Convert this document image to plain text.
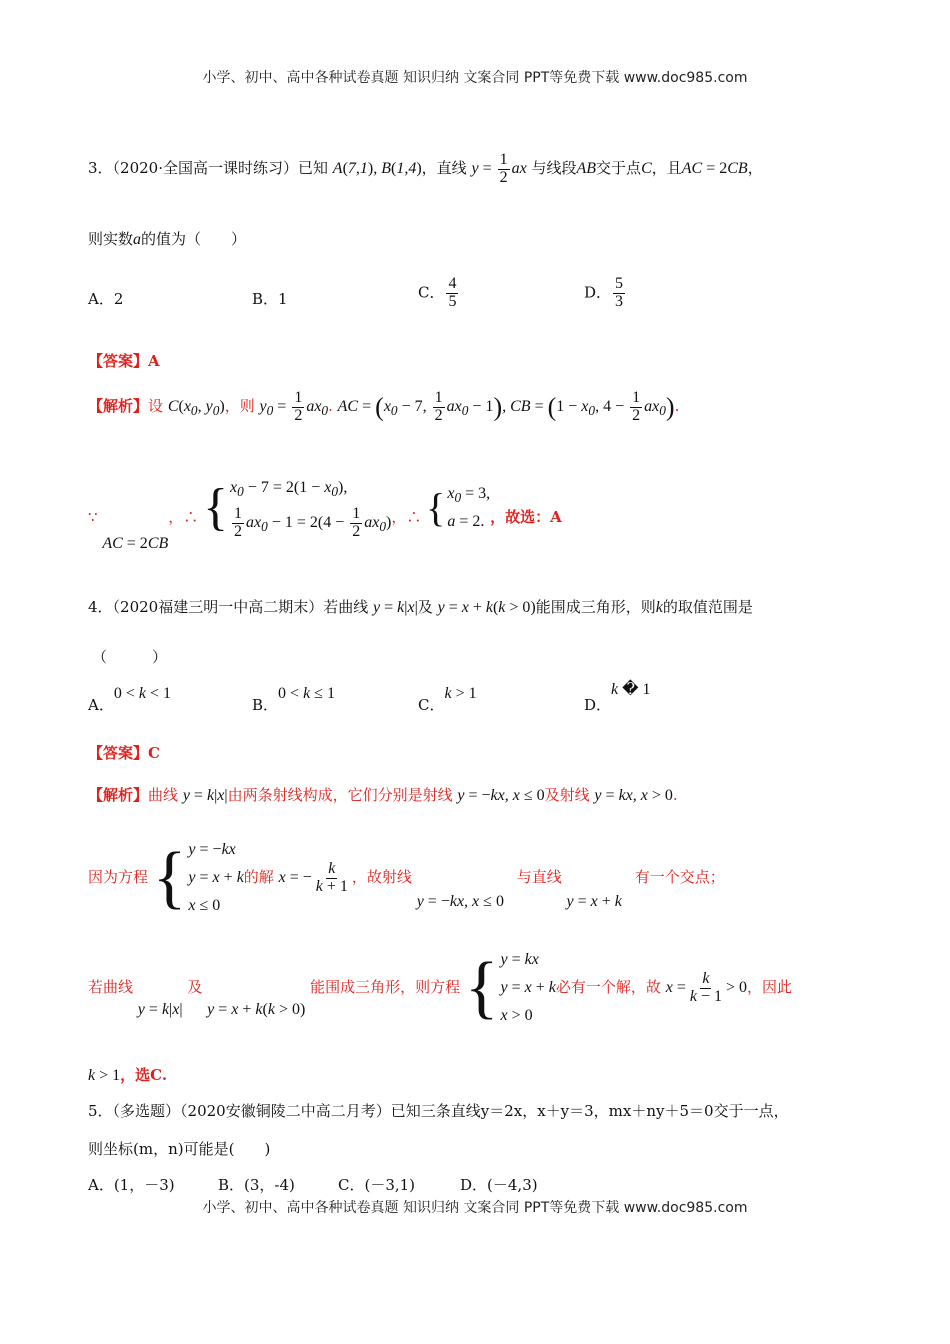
小学、初中、高中各种试卷真题 知识归纳 文案合同 PPT等免费下载 www.doc985.com
3．（2020·全国高一课时练习）已知 A(7,1), B(1,4)，直线 $y = \frac{1}{2}$ ax 与线段AB交于点C，且AC = 2CB，
则实数a的值为（　　）
A．2	B．1	C． $\frac{4}{5}$	D． $\frac{5}{3}$
【答案】A
【解析】设 $C(x_0$, $y_0$)，则 $y_0 = \frac{1}{2} ax_0$. AC = ($x_0 - 7$, $\frac{1}{2} ax_0 - 1$), CB = ($1 - x_0$, $4 - \frac{1}{2} ax_0$).
∵ AC = 2CB，∴ { $x_0 - 7 = 2(1 - x_0)$,
$\frac{1}{2} ax_0 - 1 = 2(4 - \frac{1}{2} ax_0)$ ，∴ { $x_0 = 3$,
a = 2. ，故选：A
4．（2020福建三明一中高二期末）若曲线 y = k|x|及 y = x + k(k > 0)能围成三角形，则k的取值范围是
（　　　）
A．0 < k < 1
B．0 < k ≤ 1
C．k > 1
D．k � 1
【答案】C
【解析】曲线 y = k|x|由两条射线构成，它们分别是射线 y = −kx, x ≤ 0及射线 y = kx, x > 0.
因为方程 { y = −kx
y = x + k
x ≤ 0
的解 x = − $\frac{k}{k + 1}$ ，故射线 y = −kx, x ≤ 0 与直线 y = x + k 有一个交点；
若曲线 y = k|x| 及 y = x + k(k > 0) 能围成三角形，则方程 { y = kx
y = x + k
x > 0
必有一个解，故 $x = \frac{k}{k - 1} > 0$，因此
k > 1，选C.
5．（多选题）（2020安徽铜陵二中高二月考）已知三条直线y＝2x，x＋y＝3，mx＋ny＋5＝0交于一点，
则坐标(m，n)可能是(　　)
A．(1，－3)	B．(3，-4)	C．(－3,1)	D．(－4,3)
小学、初中、高中各种试卷真题 知识归纳 文案合同 PPT等免费下载 www.doc985.com
